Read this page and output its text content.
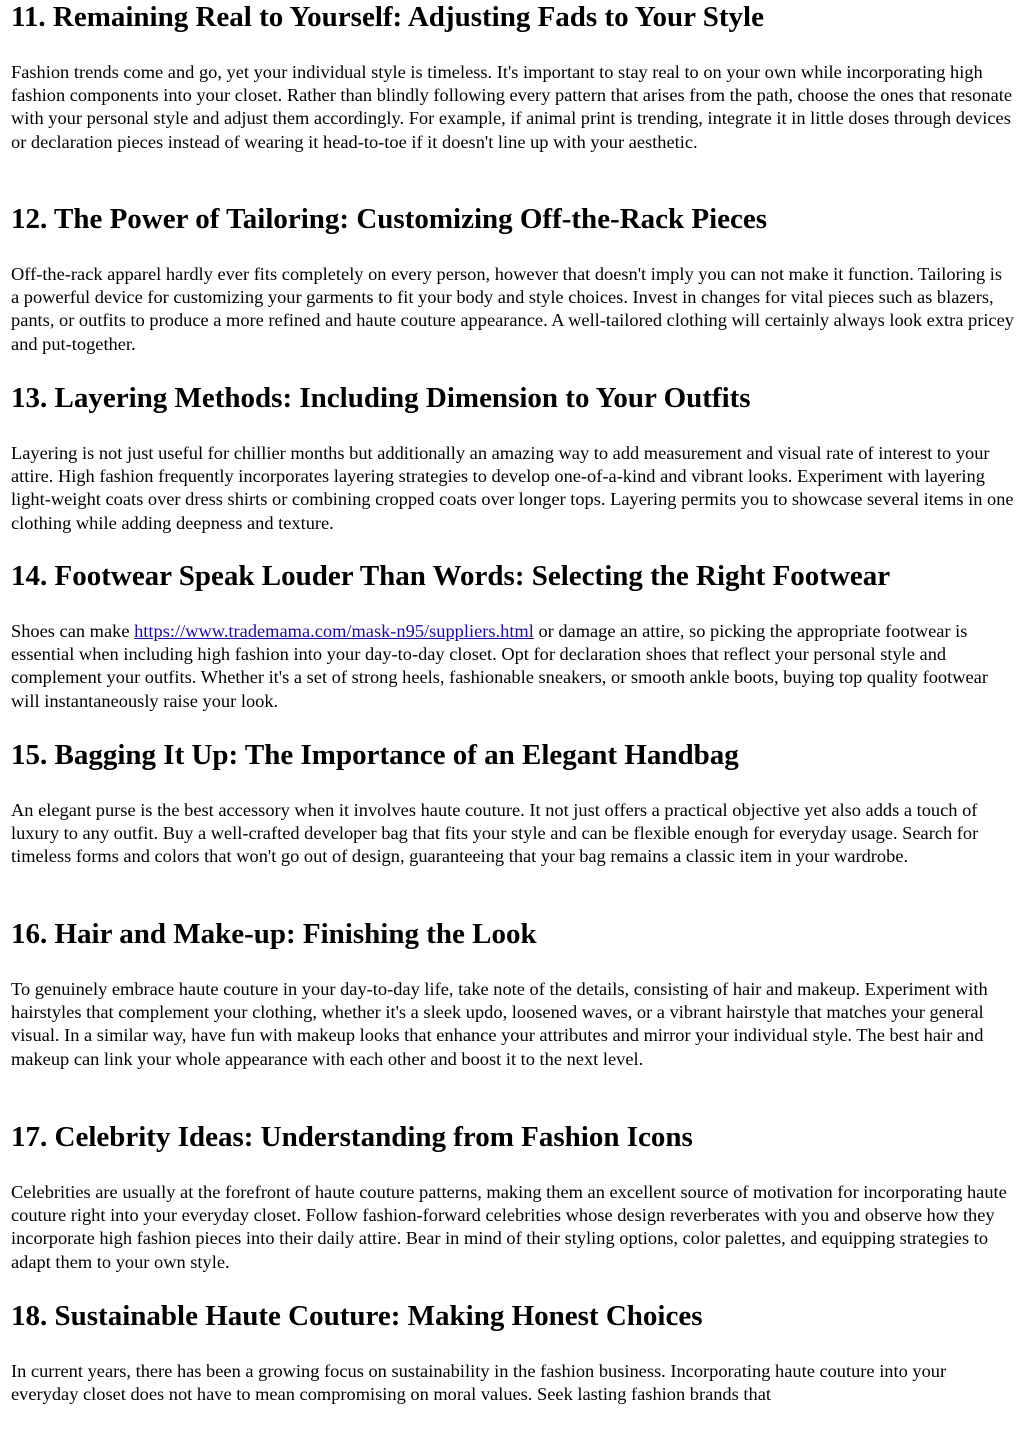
11. Remaining Real to Yourself: Adjusting Fads to Your Style

Fashion trends come and go, yet your individual style is timeless. It's important to stay real to on your own while incorporating high fashion components into your closet. Rather than blindly following every pattern that arises from the path, choose the ones that resonate with your personal style and adjust them accordingly. For example, if animal print is trending, integrate it in little doses through devices or declaration pieces instead of wearing it head-to-toe if it doesn't line up with your aesthetic.

12. The Power of Tailoring: Customizing Off-the-Rack Pieces

Off-the-rack apparel hardly ever fits completely on every person, however that doesn't imply you can not make it function. Tailoring is a powerful device for customizing your garments to fit your body and style choices. Invest in changes for vital pieces such as blazers, pants, or outfits to produce a more refined and haute couture appearance. A well-tailored clothing will certainly always look extra pricey and put-together.

13. Layering Methods: Including Dimension to Your Outfits

Layering is not just useful for chillier months but additionally an amazing way to add measurement and visual rate of interest to your attire. High fashion frequently incorporates layering strategies to develop one-of-a-kind and vibrant looks. Experiment with layering light-weight coats over dress shirts or combining cropped coats over longer tops. Layering permits you to showcase several items in one clothing while adding deepness and texture.

14. Footwear Speak Louder Than Words: Selecting the Right Footwear

Shoes can make https://www.trademama.com/mask-n95/suppliers.html or damage an attire, so picking the appropriate footwear is essential when including high fashion into your day-to-day closet. Opt for declaration shoes that reflect your personal style and complement your outfits. Whether it's a set of strong heels, fashionable sneakers, or smooth ankle boots, buying top quality footwear will instantaneously raise your look.

15. Bagging It Up: The Importance of an Elegant Handbag

An elegant purse is the best accessory when it involves haute couture. It not just offers a practical objective yet also adds a touch of luxury to any outfit. Buy a well-crafted developer bag that fits your style and can be flexible enough for everyday usage. Search for timeless forms and colors that won't go out of design, guaranteeing that your bag remains a classic item in your wardrobe.

16. Hair and Make-up: Finishing the Look

To genuinely embrace haute couture in your day-to-day life, take note of the details, consisting of hair and makeup. Experiment with hairstyles that complement your clothing, whether it's a sleek updo, loosened waves, or a vibrant hairstyle that matches your general visual. In a similar way, have fun with makeup looks that enhance your attributes and mirror your individual style. The best hair and makeup can link your whole appearance with each other and boost it to the next level.

17. Celebrity Ideas: Understanding from Fashion Icons

Celebrities are usually at the forefront of haute couture patterns, making them an excellent source of motivation for incorporating haute couture right into your everyday closet. Follow fashion-forward celebrities whose design reverberates with you and observe how they incorporate high fashion pieces into their daily attire. Bear in mind of their styling options, color palettes, and equipping strategies to adapt them to your own style.

18. Sustainable Haute Couture: Making Honest Choices

In current years, there has been a growing focus on sustainability in the fashion business. Incorporating haute couture into your everyday closet does not have to mean compromising on moral values. Seek lasting fashion brands that
